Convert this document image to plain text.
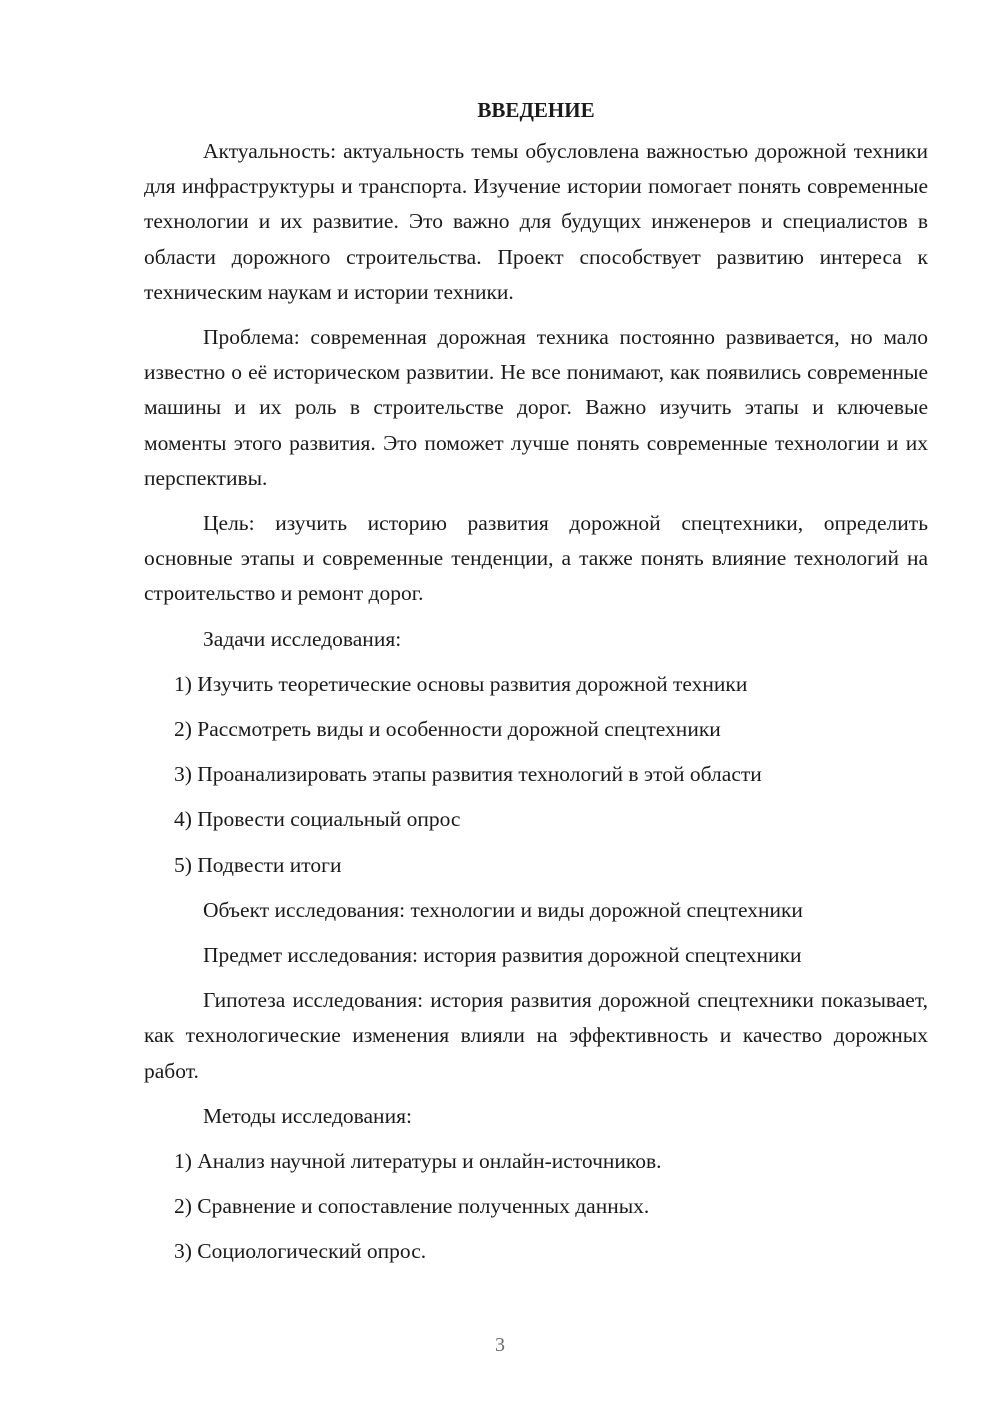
ВВЕДЕНИЕ

Актуальность: актуальность темы обусловлена важностью дорожной техники для инфраструктуры и транспорта. Изучение истории помогает понять современные технологии и их развитие. Это важно для будущих инженеров и специалистов в области дорожного строительства. Проект способствует развитию интереса к техническим наукам и истории техники.

Проблема: современная дорожная техника постоянно развивается, но мало известно о её историческом развитии. Не все понимают, как появились современные машины и их роль в строительстве дорог. Важно изучить этапы и ключевые моменты этого развития. Это поможет лучше понять современные технологии и их перспективы.

Цель: изучить историю развития дорожной спецтехники, определить основные этапы и современные тенденции, а также понять влияние технологий на строительство и ремонт дорог.

Задачи исследования:
1) Изучить теоретические основы развития дорожной техники
2) Рассмотреть виды и особенности дорожной спецтехники
3) Проанализировать этапы развития технологий в этой области
4) Провести социальный опрос
5) Подвести итоги
Объект исследования: технологии и виды дорожной спецтехники
Предмет исследования: история развития дорожной спецтехники

Гипотеза исследования: история развития дорожной спецтехники показывает, как технологические изменения влияли на эффективность и качество дорожных работ.

Методы исследования:
1) Анализ научной литературы и онлайн-источников.
2) Сравнение и сопоставление полученных данных.
3) Социологический опрос.
3
